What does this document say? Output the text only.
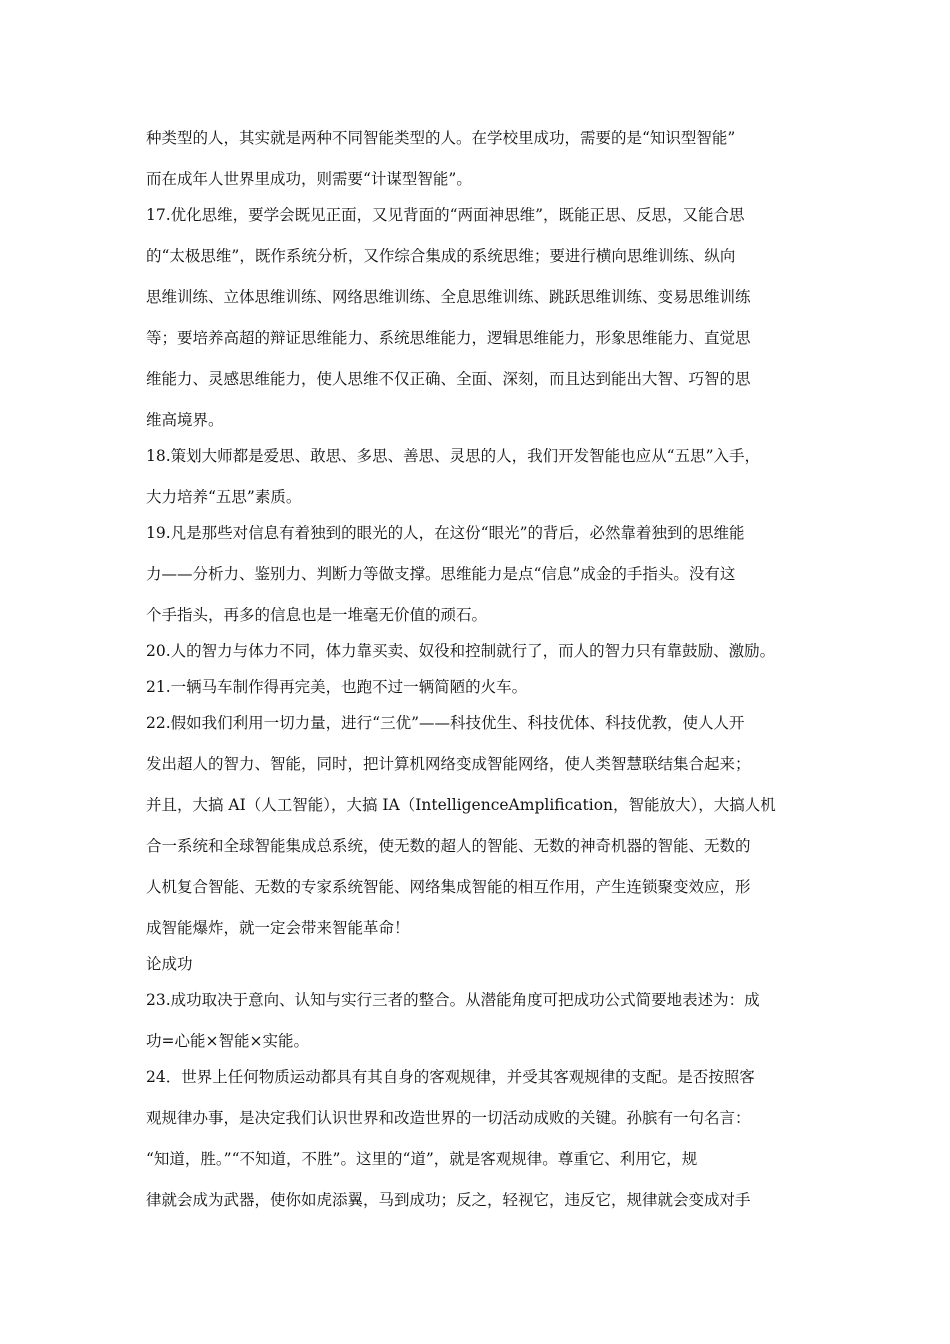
种类型的人，其实就是两种不同智能类型的人。在学校里成功，需要的是“知识型智能”
而在成年人世界里成功，则需要“计谋型智能”。
17.优化思维，要学会既见正面，又见背面的“两面神思维”，既能正思、反思，又能合思
的“太极思维”，既作系统分析，又作综合集成的系统思维；要进行横向思维训练、纵向
思维训练、立体思维训练、网络思维训练、全息思维训练、跳跃思维训练、变易思维训练
等；要培养高超的辩证思维能力、系统思维能力，逻辑思维能力，形象思维能力、直觉思
维能力、灵感思维能力，使人思维不仅正确、全面、深刻，而且达到能出大智、巧智的思
维高境界。
18.策划大师都是爱思、敢思、多思、善思、灵思的人，我们开发智能也应从“五思”入手，
大力培养“五思”素质。
19.凡是那些对信息有着独到的眼光的人，在这份“眼光”的背后，必然靠着独到的思维能
力——分析力、鉴别力、判断力等做支撑。思维能力是点“信息”成金的手指头。没有这
个手指头，再多的信息也是一堆毫无价值的顽石。
20.人的智力与体力不同，体力靠买卖、奴役和控制就行了，而人的智力只有靠鼓励、激励。
21.一辆马车制作得再完美，也跑不过一辆简陋的火车。
22.假如我们利用一切力量，进行“三优”——科技优生、科技优体、科技优教，使人人开
发出超人的智力、智能，同时，把计算机网络变成智能网络，使人类智慧联结集合起来；
并且，大搞 AI（人工智能），大搞 IA（IntelligenceAmplification，智能放大），大搞人机
合一系统和全球智能集成总系统，使无数的超人的智能、无数的神奇机器的智能、无数的
人机复合智能、无数的专家系统智能、网络集成智能的相互作用，产生连锁聚变效应，形
成智能爆炸，就一定会带来智能革命！
论成功
23.成功取决于意向、认知与实行三者的整合。从潜能角度可把成功公式简要地表述为：成
功=心能×智能×实能。
24．世界上任何物质运动都具有其自身的客观规律，并受其客观规律的支配。是否按照客
观规律办事，是决定我们认识世界和改造世界的一切活动成败的关键。孙膑有一句名言：
“知道，胜。”“不知道，不胜”。这里的“道”，就是客观规律。尊重它、利用它，规
律就会成为武器，使你如虎添翼，马到成功；反之，轻视它，违反它，规律就会变成对手
